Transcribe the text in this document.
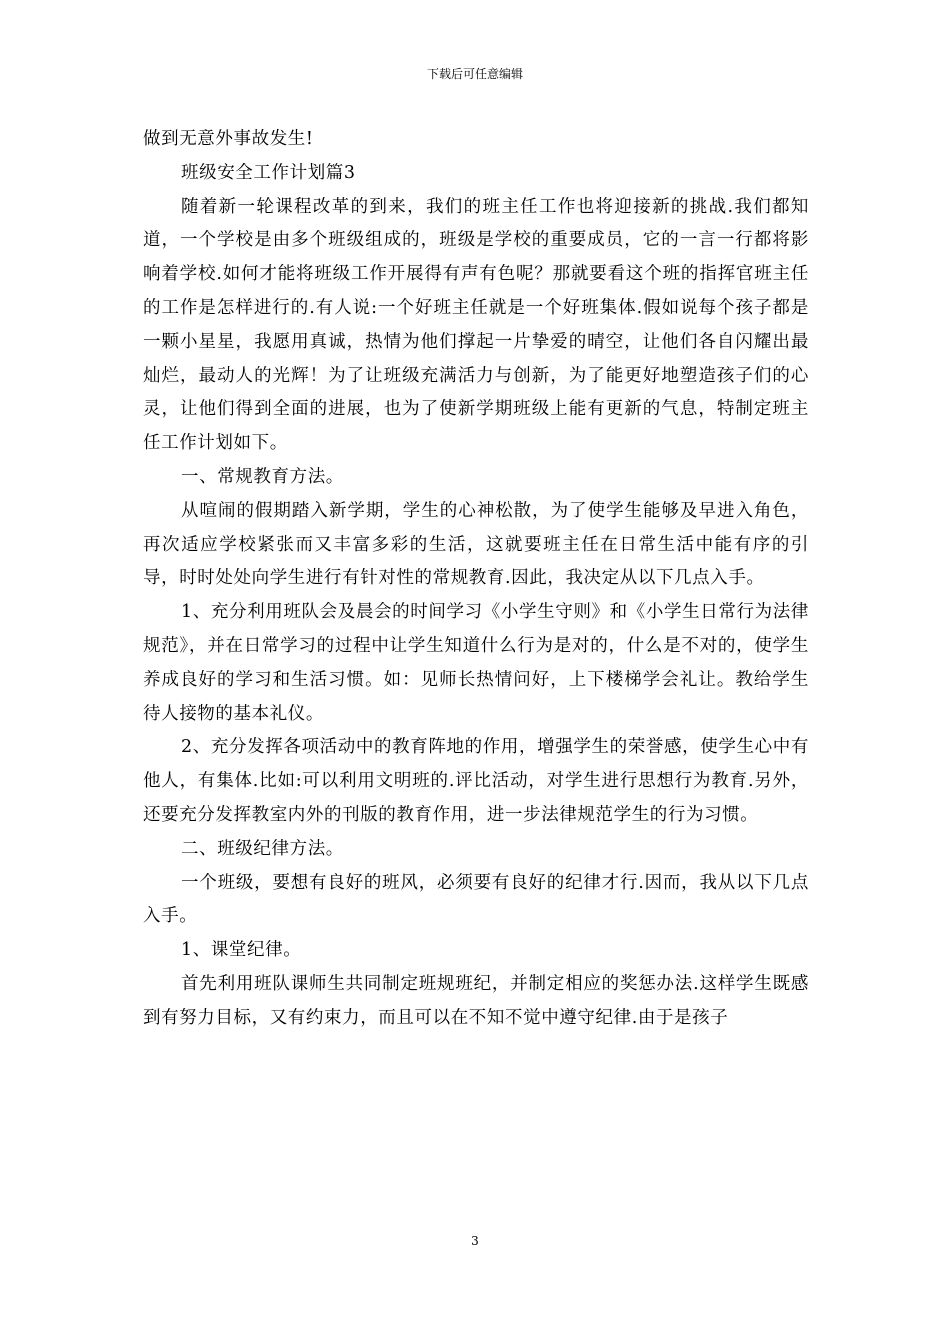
下载后可任意编辑

做到无意外事故发生!

班级安全工作计划篇3

随着新一轮课程改革的到来，我们的班主任工作也将迎接新的挑战.我们都知道，一个学校是由多个班级组成的，班级是学校的重要成员，它的一言一行都将影响着学校.如何才能将班级工作开展得有声有色呢？那就要看这个班的指挥官班主任的工作是怎样进行的.有人说:一个好班主任就是一个好班集体.假如说每个孩子都是一颗小星星，我愿用真诚，热情为他们撑起一片挚爱的晴空，让他们各自闪耀出最灿烂，最动人的光辉！为了让班级充满活力与创新，为了能更好地塑造孩子们的心灵，让他们得到全面的进展，也为了使新学期班级上能有更新的气息，特制定班主任工作计划如下。

一、常规教育方法。

从喧闹的假期踏入新学期，学生的心神松散，为了使学生能够及早进入角色，再次适应学校紧张而又丰富多彩的生活，这就要班主任在日常生活中能有序的引导，时时处处向学生进行有针对性的常规教育.因此，我决定从以下几点入手。

1、充分利用班队会及晨会的时间学习《小学生守则》和《小学生日常行为法律规范》，并在日常学习的过程中让学生知道什么行为是对的，什么是不对的，使学生养成良好的学习和生活习惯。如：见师长热情问好，上下楼梯学会礼让。教给学生待人接物的基本礼仪。

2、充分发挥各项活动中的教育阵地的作用，增强学生的荣誉感，使学生心中有他人，有集体.比如:可以利用文明班的.评比活动，对学生进行思想行为教育.另外，还要充分发挥教室内外的刊版的教育作用，进一步法律规范学生的行为习惯。

二、班级纪律方法。

一个班级，要想有良好的班风，必须要有良好的纪律才行.因而，我从以下几点入手。

1、课堂纪律。

首先利用班队课师生共同制定班规班纪，并制定相应的奖惩办法.这样学生既感到有努力目标，又有约束力，而且可以在不知不觉中遵守纪律.由于是孩子

3
